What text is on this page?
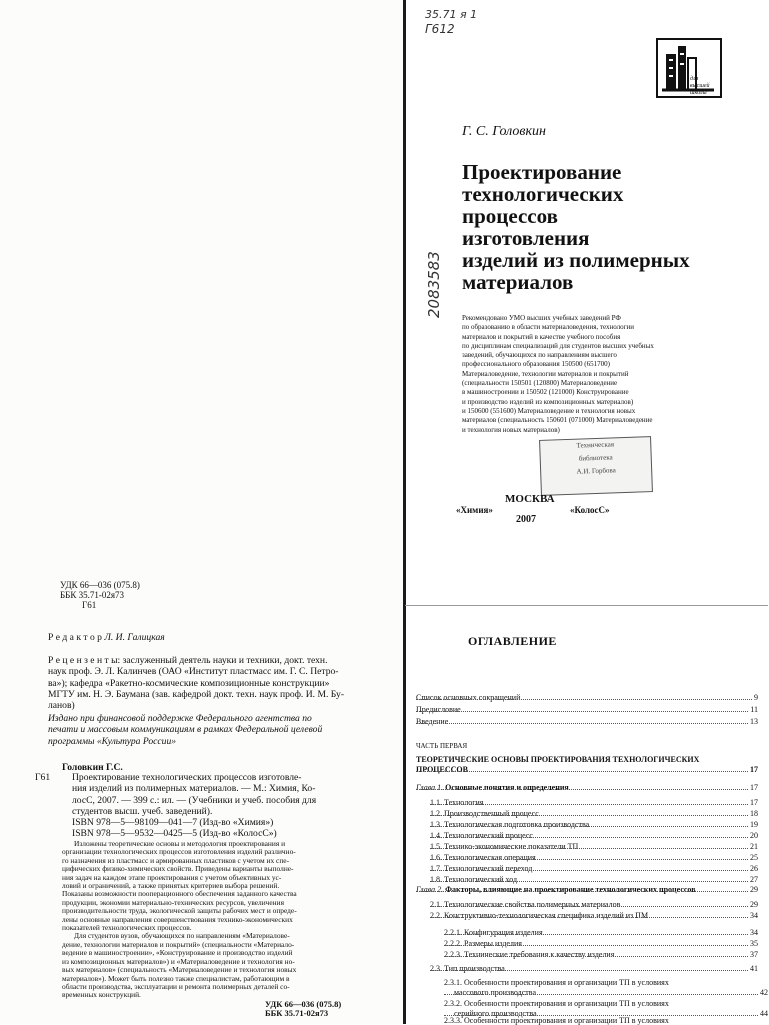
35.71 я 1
Г612
2083583
для
высшей
школы
Г. С. Головкин
Проектирование
технологических
процессов
изготовления
изделий из полимерных
материалов
Рекомендовано УМО высших учебных заведений РФ
по образованию в области материаловедения, технологии
материалов и покрытий в качестве учебного пособия
по дисциплинам специализаций для студентов высших учебных
заведений, обучающихся по направлениям высшего
профессионального образования 150500 (651700)
Материаловедение, технологии материалов и покрытий
(специальности 150501 (120800) Материаловедение
в машиностроении и 150502 (121000) Конструирование
и производство изделий из композиционных материалов)
и 150600 (551600) Материаловедение и технология новых
материалов (специальность 150601 (071000) Материаловедение
и технология новых материалов)
Техническая
библиотека
А.И. Горбова
МОСКВА
«Химия»	«КолосС»
2007
УДК 66—036 (075.8)
ББК 35.71-02я73
Г61
Р е д а к т о р Л. И. Галицкая
Р е ц е н з е н т ы: заслуженный деятель науки и техники, докт. техн.
наук проф. Э. Л. Калинчев (ОАО «Институт пластмасс им. Г. С. Петро-
ва»); кафедра «Ракетно-космические композиционные конструкции»
МГТУ им. Н. Э. Баумана (зав. кафедрой докт. техн. наук проф. И. М. Бу-
ланов)
Издано при финансовой поддержке Федерального агентства по
печати и массовым коммуникациям в рамках Федеральной целевой
программы «Культура России»
Г61
Головкин Г.С.
Проектирование технологических процессов изготовле-
ния изделий из полимерных материалов. — М.: Химия, Ко-
лосС, 2007. — 399 с.: ил. — (Учебники и учеб. пособия для
студентов высш. учеб. заведений).
ISBN 978—5—98109—041—7 (Изд-во «Химия»)
ISBN 978—5—9532—0425—5 (Изд-во «КолосС»)
Изложены теоретические основы и методология проектирования и
организации технологических процессов изготовления изделий различно-
го назначения из пластмасс и армированных пластиков с учетом их спе-
цифических физико-химических свойств. Приведены варианты выполне-
ния задач на каждом этапе проектирования с учетом объективных ус-
ловий и ограничений, а также принятых критериев выбора решений.
Показаны возможности пооперационного обеспечения заданного качества
продукции, экономии материально-технических ресурсов, увеличения
производительности труда, экологической защиты рабочих мест и опреде-
лены основные направления совершенствования технико-экономических
показателей технологических процессов.
Для студентов вузов, обучающихся по направлениям «Материалове-
дение, технологии материалов и покрытий» (специальности «Материало-
ведение в машиностроении», «Конструирование и производство изделий
из композиционных материалов») и «Материаловедение и технология но-
вых материалов» (специальность «Материаловедение и технология новых
материалов»). Может быть полезно также специалистам, работающим в
области производства, эксплуатации и ремонта полимерных деталей со-
временных конструкций.
УДК 66—036 (075.8)
ББК 35.71-02я73
ОГЛАВЛЕНИЕ
Список основных сокращений	9
Предисловие	11
Введение	13
ЧАСТЬ ПЕРВАЯ
ТЕОРЕТИЧЕСКИЕ ОСНОВЫ ПРОЕКТИРОВАНИЯ ТЕХНОЛОГИЧЕСКИХ
ПРОЦЕССОВ	17
Глава 1. Основные понятия и определения	17
1.1. Технология	17
1.2. Производственный процесс	18
1.3. Технологическая подготовка производства	19
1.4. Технологический процесс	20
1.5. Технико-экономические показатели ТП	21
1.6. Технологическая операция	25
1.7. Технологический переход	26
1.8. Технологический ход	27
Глава 2. Факторы, влияющие на проектирование технологических процессов	29
2.1. Технологические свойства полимерных материалов	29
2.2. Конструктивно-технологическая специфика изделий из ПМ	34
2.2.1. Конфигурация изделия	34
2.2.2. Размеры изделия	35
2.2.3. Технические требования к качеству изделия	37
2.3. Тип производства	41
2.3.1. Особенности проектирования и организации ТП в условиях
массового производства	42
2.3.2. Особенности проектирования и организации ТП в условиях
серийного производства	44
2.3.3. Особенности проектирования и организации ТП в условиях
